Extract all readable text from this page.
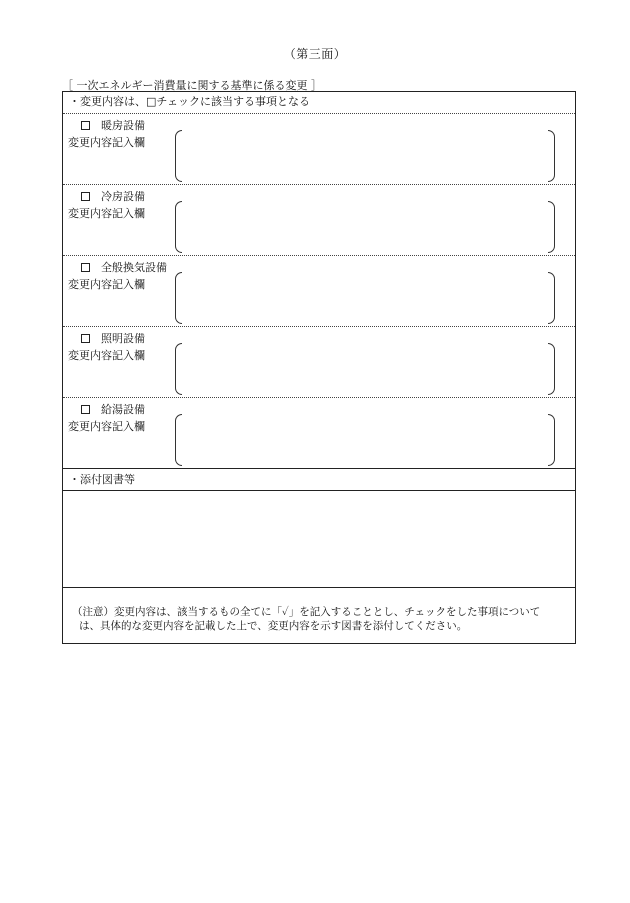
（第三面）
［ 一次エネルギー消費量に関する基準に係る変更 ］
・変更内容は、□チェックに該当する事項となる
暖房設備
変更内容記入欄
冷房設備
変更内容記入欄
全般換気設備
変更内容記入欄
照明設備
変更内容記入欄
給湯設備
変更内容記入欄
・添付図書等
（注意）変更内容は、該当するもの全てに「✓」を記入することとし、チェックをした事項について
は、具体的な変更内容を記載した上で、変更内容を示す図書を添付してください。
